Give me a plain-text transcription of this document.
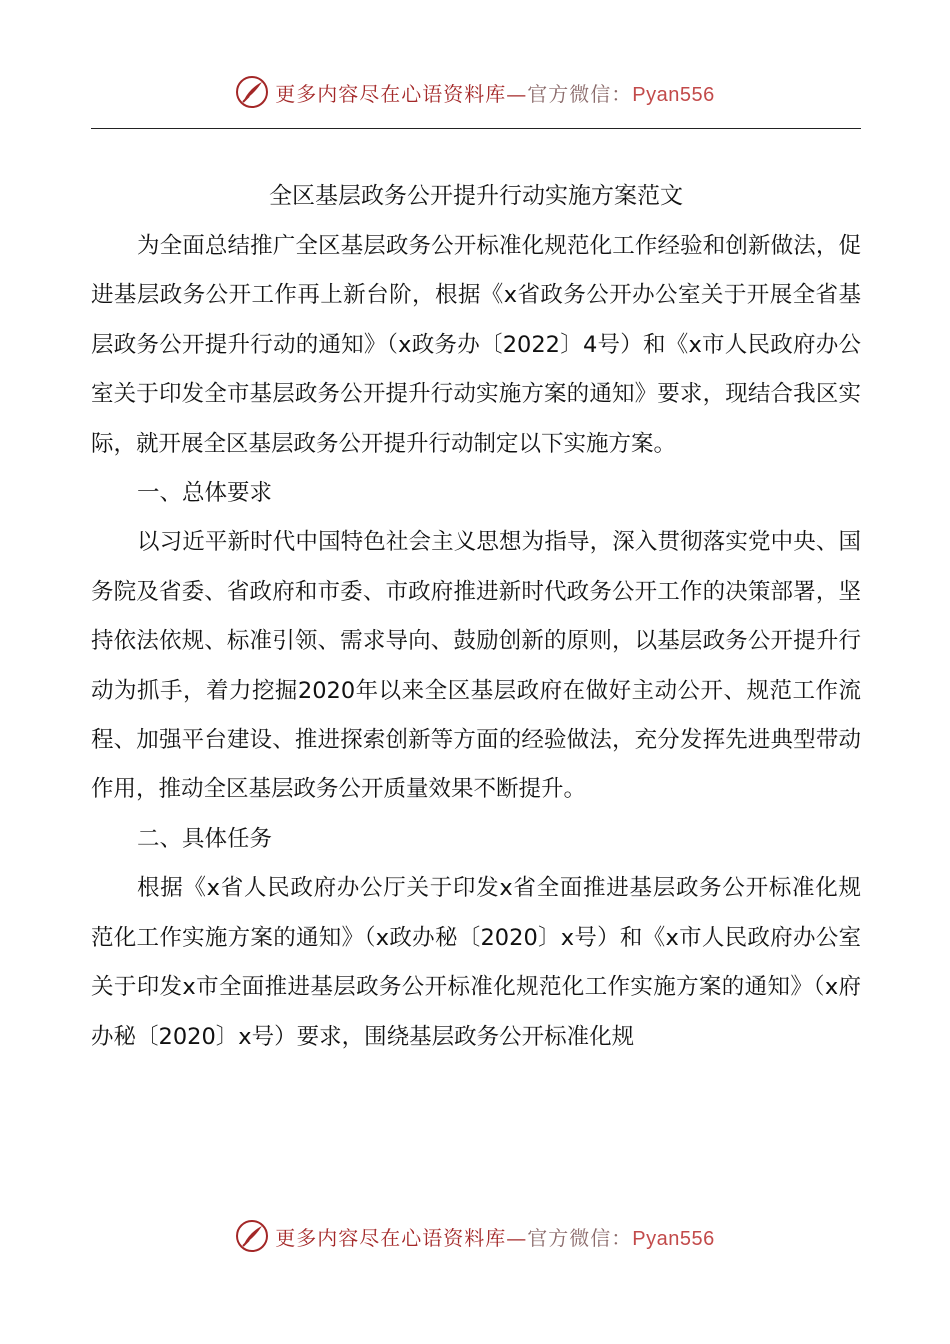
更多内容尽在心语资料库—官方微信：Pyan556

全区基层政务公开提升行动实施方案范文

为全面总结推广全区基层政务公开标准化规范化工作经验和创新做法，促进基层政务公开工作再上新台阶，根据《x省政务公开办公室关于开展全省基层政务公开提升行动的通知》（x政务办〔2022〕4号）和《x市人民政府办公室关于印发全市基层政务公开提升行动实施方案的通知》要求，现结合我区实际，就开展全区基层政务公开提升行动制定以下实施方案。

一、总体要求

以习近平新时代中国特色社会主义思想为指导，深入贯彻落实党中央、国务院及省委、省政府和市委、市政府推进新时代政务公开工作的决策部署，坚持依法依规、标准引领、需求导向、鼓励创新的原则，以基层政务公开提升行动为抓手，着力挖掘2020年以来全区基层政府在做好主动公开、规范工作流程、加强平台建设、推进探索创新等方面的经验做法，充分发挥先进典型带动作用，推动全区基层政务公开质量效果不断提升。

二、具体任务

根据《x省人民政府办公厅关于印发x省全面推进基层政务公开标准化规范化工作实施方案的通知》（x政办秘〔2020〕x号）和《x市人民政府办公室关于印发x市全面推进基层政务公开标准化规范化工作实施方案的通知》（x府办秘〔2020〕x号）要求，围绕基层政务公开标准化规

更多内容尽在心语资料库—官方微信：Pyan556
